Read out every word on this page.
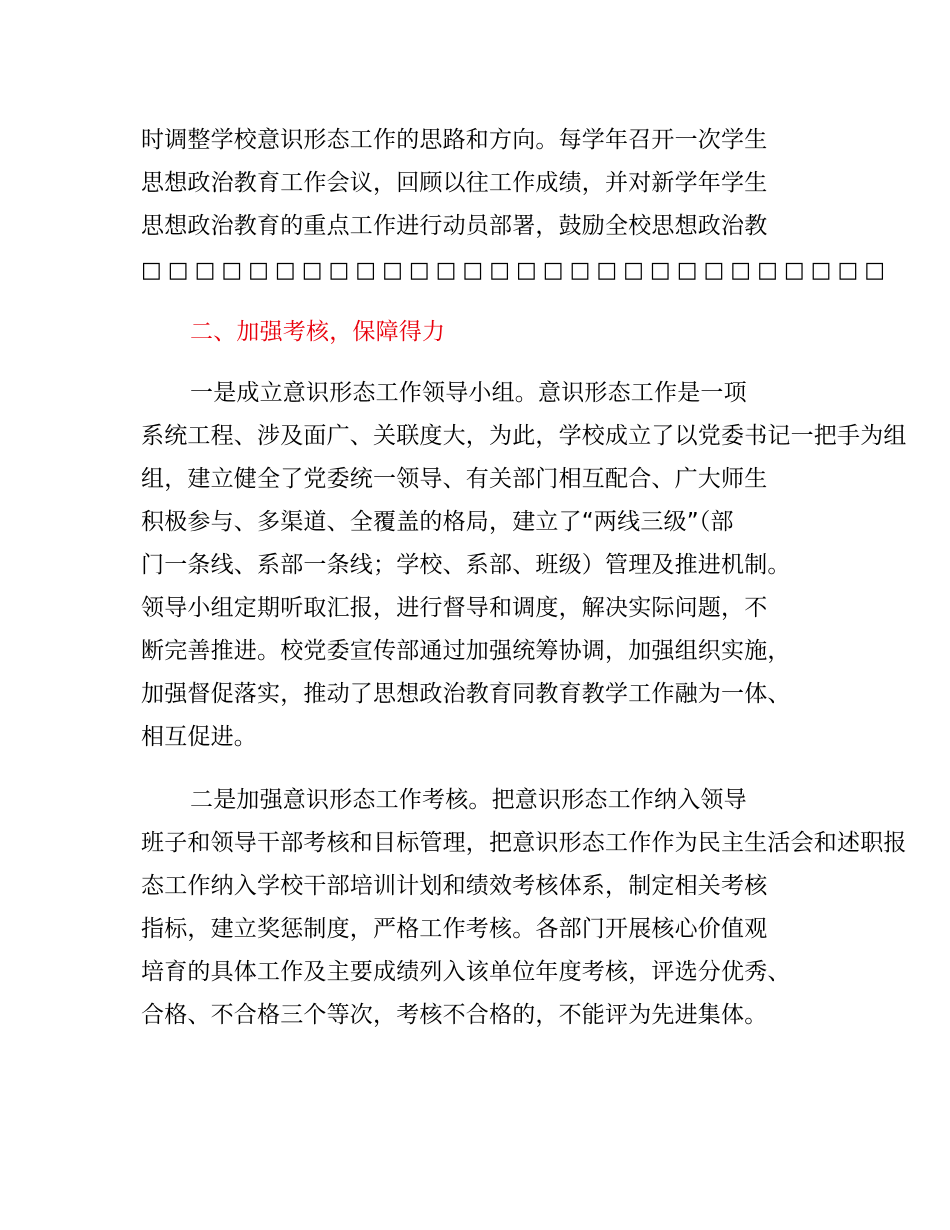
时调整学校意识形态工作的思路和方向。每学年召开一次学生
思想政治教育工作会议，回顾以往工作成绩，并对新学年学生
思想政治教育的重点工作进行动员部署，鼓励全校思想政治教
□□□□□□□□□□□□□□□□□□□□□□□□□□□□
二、加强考核，保障得力
一是成立意识形态工作领导小组。意识形态工作是一项
系统工程、涉及面广、关联度大，为此，学校成立了以党委书记一把手为组
组，建立健全了党委统一领导、有关部门相互配合、广大师生
积极参与、多渠道、全覆盖的格局，建立了“两线三级”（部
门一条线、系部一条线；学校、系部、班级）管理及推进机制。
领导小组定期听取汇报，进行督导和调度，解决实际问题，不
断完善推进。校党委宣传部通过加强统筹协调，加强组织实施，
加强督促落实，推动了思想政治教育同教育教学工作融为一体、
相互促进。
二是加强意识形态工作考核。把意识形态工作纳入领导
班子和领导干部考核和目标管理，把意识形态工作作为民主生活会和述职报
态工作纳入学校干部培训计划和绩效考核体系，制定相关考核
指标，建立奖惩制度，严格工作考核。各部门开展核心价值观
培育的具体工作及主要成绩列入该单位年度考核，评选分优秀、
合格、不合格三个等次，考核不合格的，不能评为先进集体。
